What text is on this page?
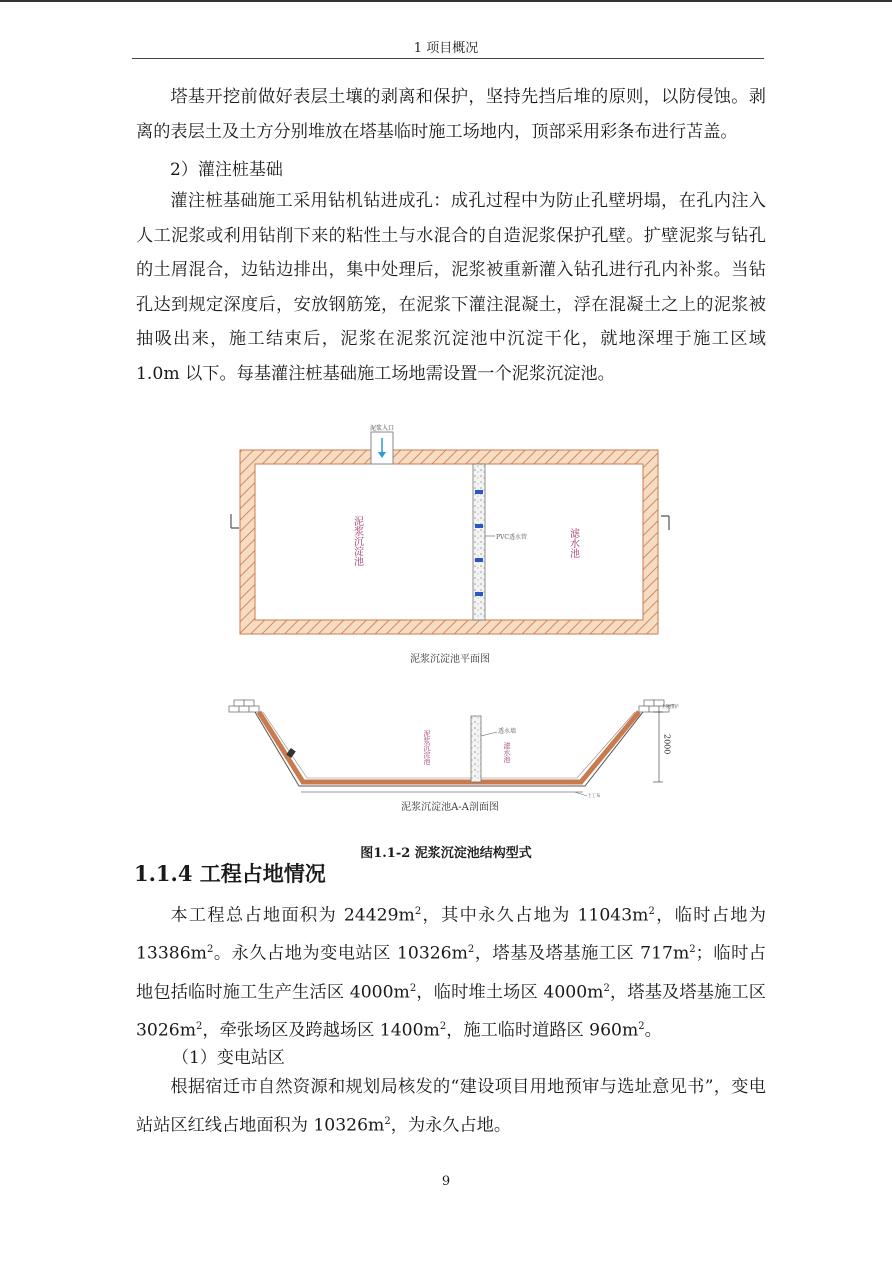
1 项目概况

塔基开挖前做好表层土壤的剥离和保护，坚持先挡后堆的原则，以防侵蚀。剥离的表层土及土方分别堆放在塔基临时施工场地内，顶部采用彩条布进行苫盖。

2）灌注桩基础

灌注桩基础施工采用钻机钻进成孔：成孔过程中为防止孔壁坍塌，在孔内注入人工泥浆或利用钻削下来的粘性土与水混合的自造泥浆保护孔壁。扩壁泥浆与钻孔的土屑混合，边钻边排出，集中处理后，泥浆被重新灌入钻孔进行孔内补浆。当钻孔达到规定深度后，安放钢筋笼，在泥浆下灌注混凝土，浮在混凝土之上的泥浆被抽吸出来，施工结束后，泥浆在泥浆沉淀池中沉淀干化，就地深埋于施工区域 1.0m 以下。每基灌注桩基础施工场地需设置一个泥浆沉淀池。

PVC透水管
泥浆入口
泥浆沉淀池	滤水池
泥浆沉淀池平面图
透水墙
泥浆沉淀池	滤水池	2000
土袋围护
土工布
泥浆沉淀池A-A剖面图
图1.1-2 泥浆沉淀池结构型式
1.1.4 工程占地情况

本工程总占地面积为 $24429m^2$，其中永久占地为 $11043m^2$，临时占地为 $13386m^2$。永久占地为变电站区 $10326m^2$，塔基及塔基施工区 $717m^2$；临时占地包括临时施工生产生活区 $4000m^2$，临时堆土场区 $4000m^2$，塔基及塔基施工区 $3026m^2$，牵张场区及跨越场区 $1400m^2$，施工临时道路区 $960m^2$。

（1）变电站区

根据宿迁市自然资源和规划局核发的“建设项目用地预审与选址意见书”，变电站站区红线占地面积为 $10326m^2$，为永久占地。

9
